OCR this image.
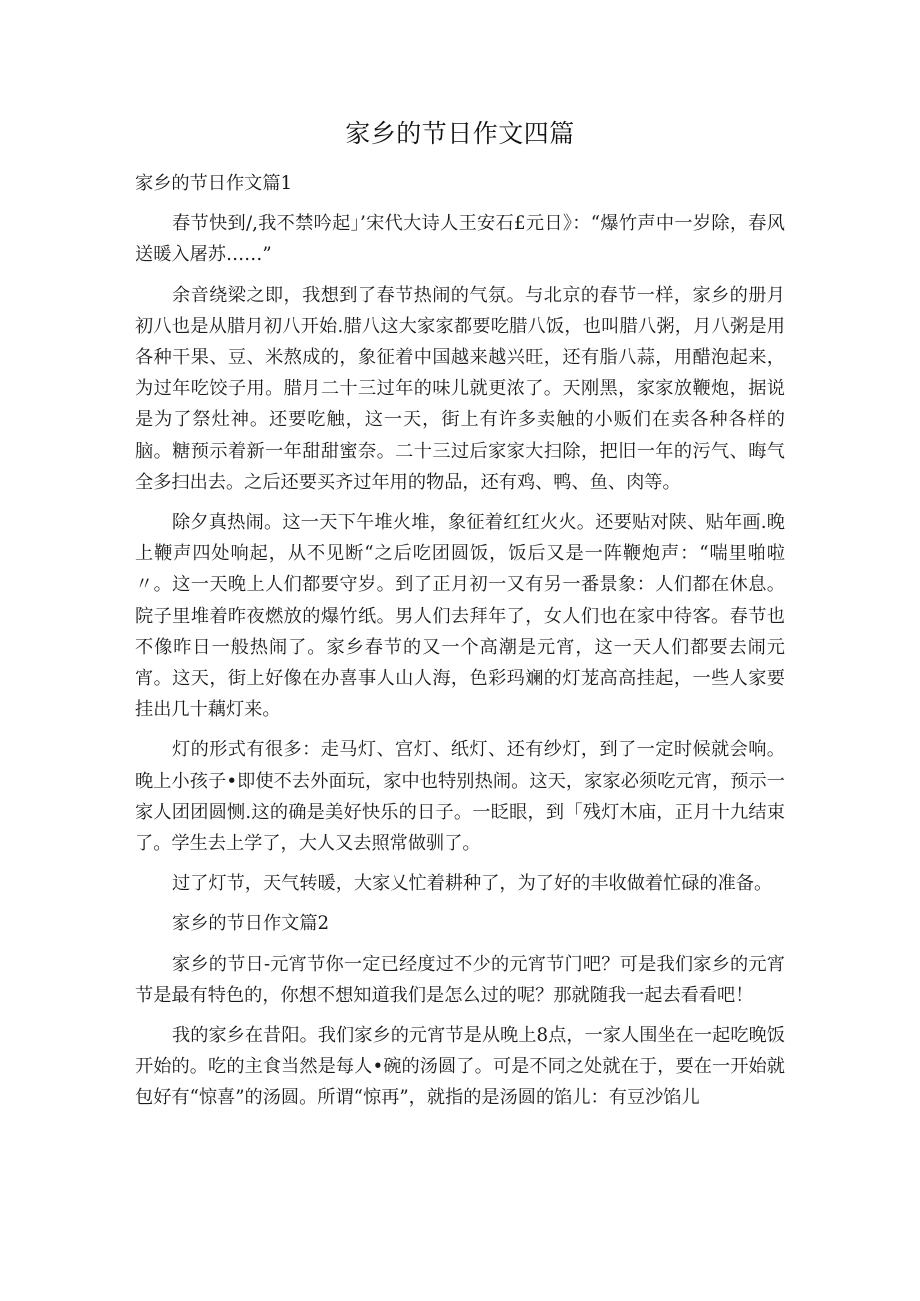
家乡的节日作文四篇

家乡的节日作文篇1

春节快到/,我不禁吟起」’宋代大诗人王安石£元日》：“爆竹声中一岁除，春风送暖入屠苏……”

余音绕梁之即，我想到了春节热闹的气氛。与北京的春节一样，家乡的册月初八也是从腊月初八开始.腊八这大家家都要吃腊八饭，也叫腊八粥，月八粥是用各种干果、豆、米熬成的，象征着中国越来越兴旺，还有脂八蒜，用醋泡起来，为过年吃饺子用。腊月二十三过年的味儿就更浓了。天刚黑，家家放鞭炮，据说是为了祭灶神。还要吃触，这一天，街上有许多卖触的小贩们在卖各种各样的脑。糖预示着新一年甜甜蜜奈。二十三过后家家大扫除，把旧一年的污气、晦气全多扫出去。之后还要买齐过年用的物品，还有鸡、鸭、鱼、肉等。

除夕真热闹。这一天下午堆火堆，象征着红红火火。还要贴对陕、贴年画.晚上鞭声四处响起，从不见断“之后吃团圆饭，饭后又是一阵鞭炮声：“喘里啪啦〃。这一天晚上人们都要守岁。到了正月初一又有另一番景象：人们都在休息。院子里堆着昨夜燃放的爆竹纸。男人们去拜年了，女人们也在家中待客。春节也不像昨日一般热闹了。家乡春节的又一个高潮是元宵，这一天人们都要去闹元宵。这天，街上好像在办喜事人山人海，色彩玛斓的灯茏高高挂起，一些人家要挂出几十藕灯来。

灯的形式有很多：走马灯、宫灯、纸灯、还有纱灯，到了一定时候就会响。晚上小孩子•即使不去外面玩，家中也特别热闹。这天，家家必须吃元宵，预示一家人团团圆恻.这的确是美好快乐的日子。一眨眼，到「残灯木庙，正月十九结束了。学生去上学了，大人又去照常做驯了。

过了灯节，天气转暖，大家乂忙着耕种了，为了好的丰收做着忙碌的准备。

家乡的节日作文篇2

家乡的节日-元宵节你一定已经度过不少的元宵节门吧？可是我们家乡的元宵节是最有特色的，你想不想知道我们是怎么过的呢？那就随我一起去看看吧！

我的家乡在昔阳。我们家乡的元宵节是从晚上8点，一家人围坐在一起吃晚饭开始的。吃的主食当然是每人•碗的汤圆了。可是不同之处就在于，要在一开始就包好有“惊喜”的汤圆。所谓“惊再”，就指的是汤圆的馅儿：有豆沙馅儿
